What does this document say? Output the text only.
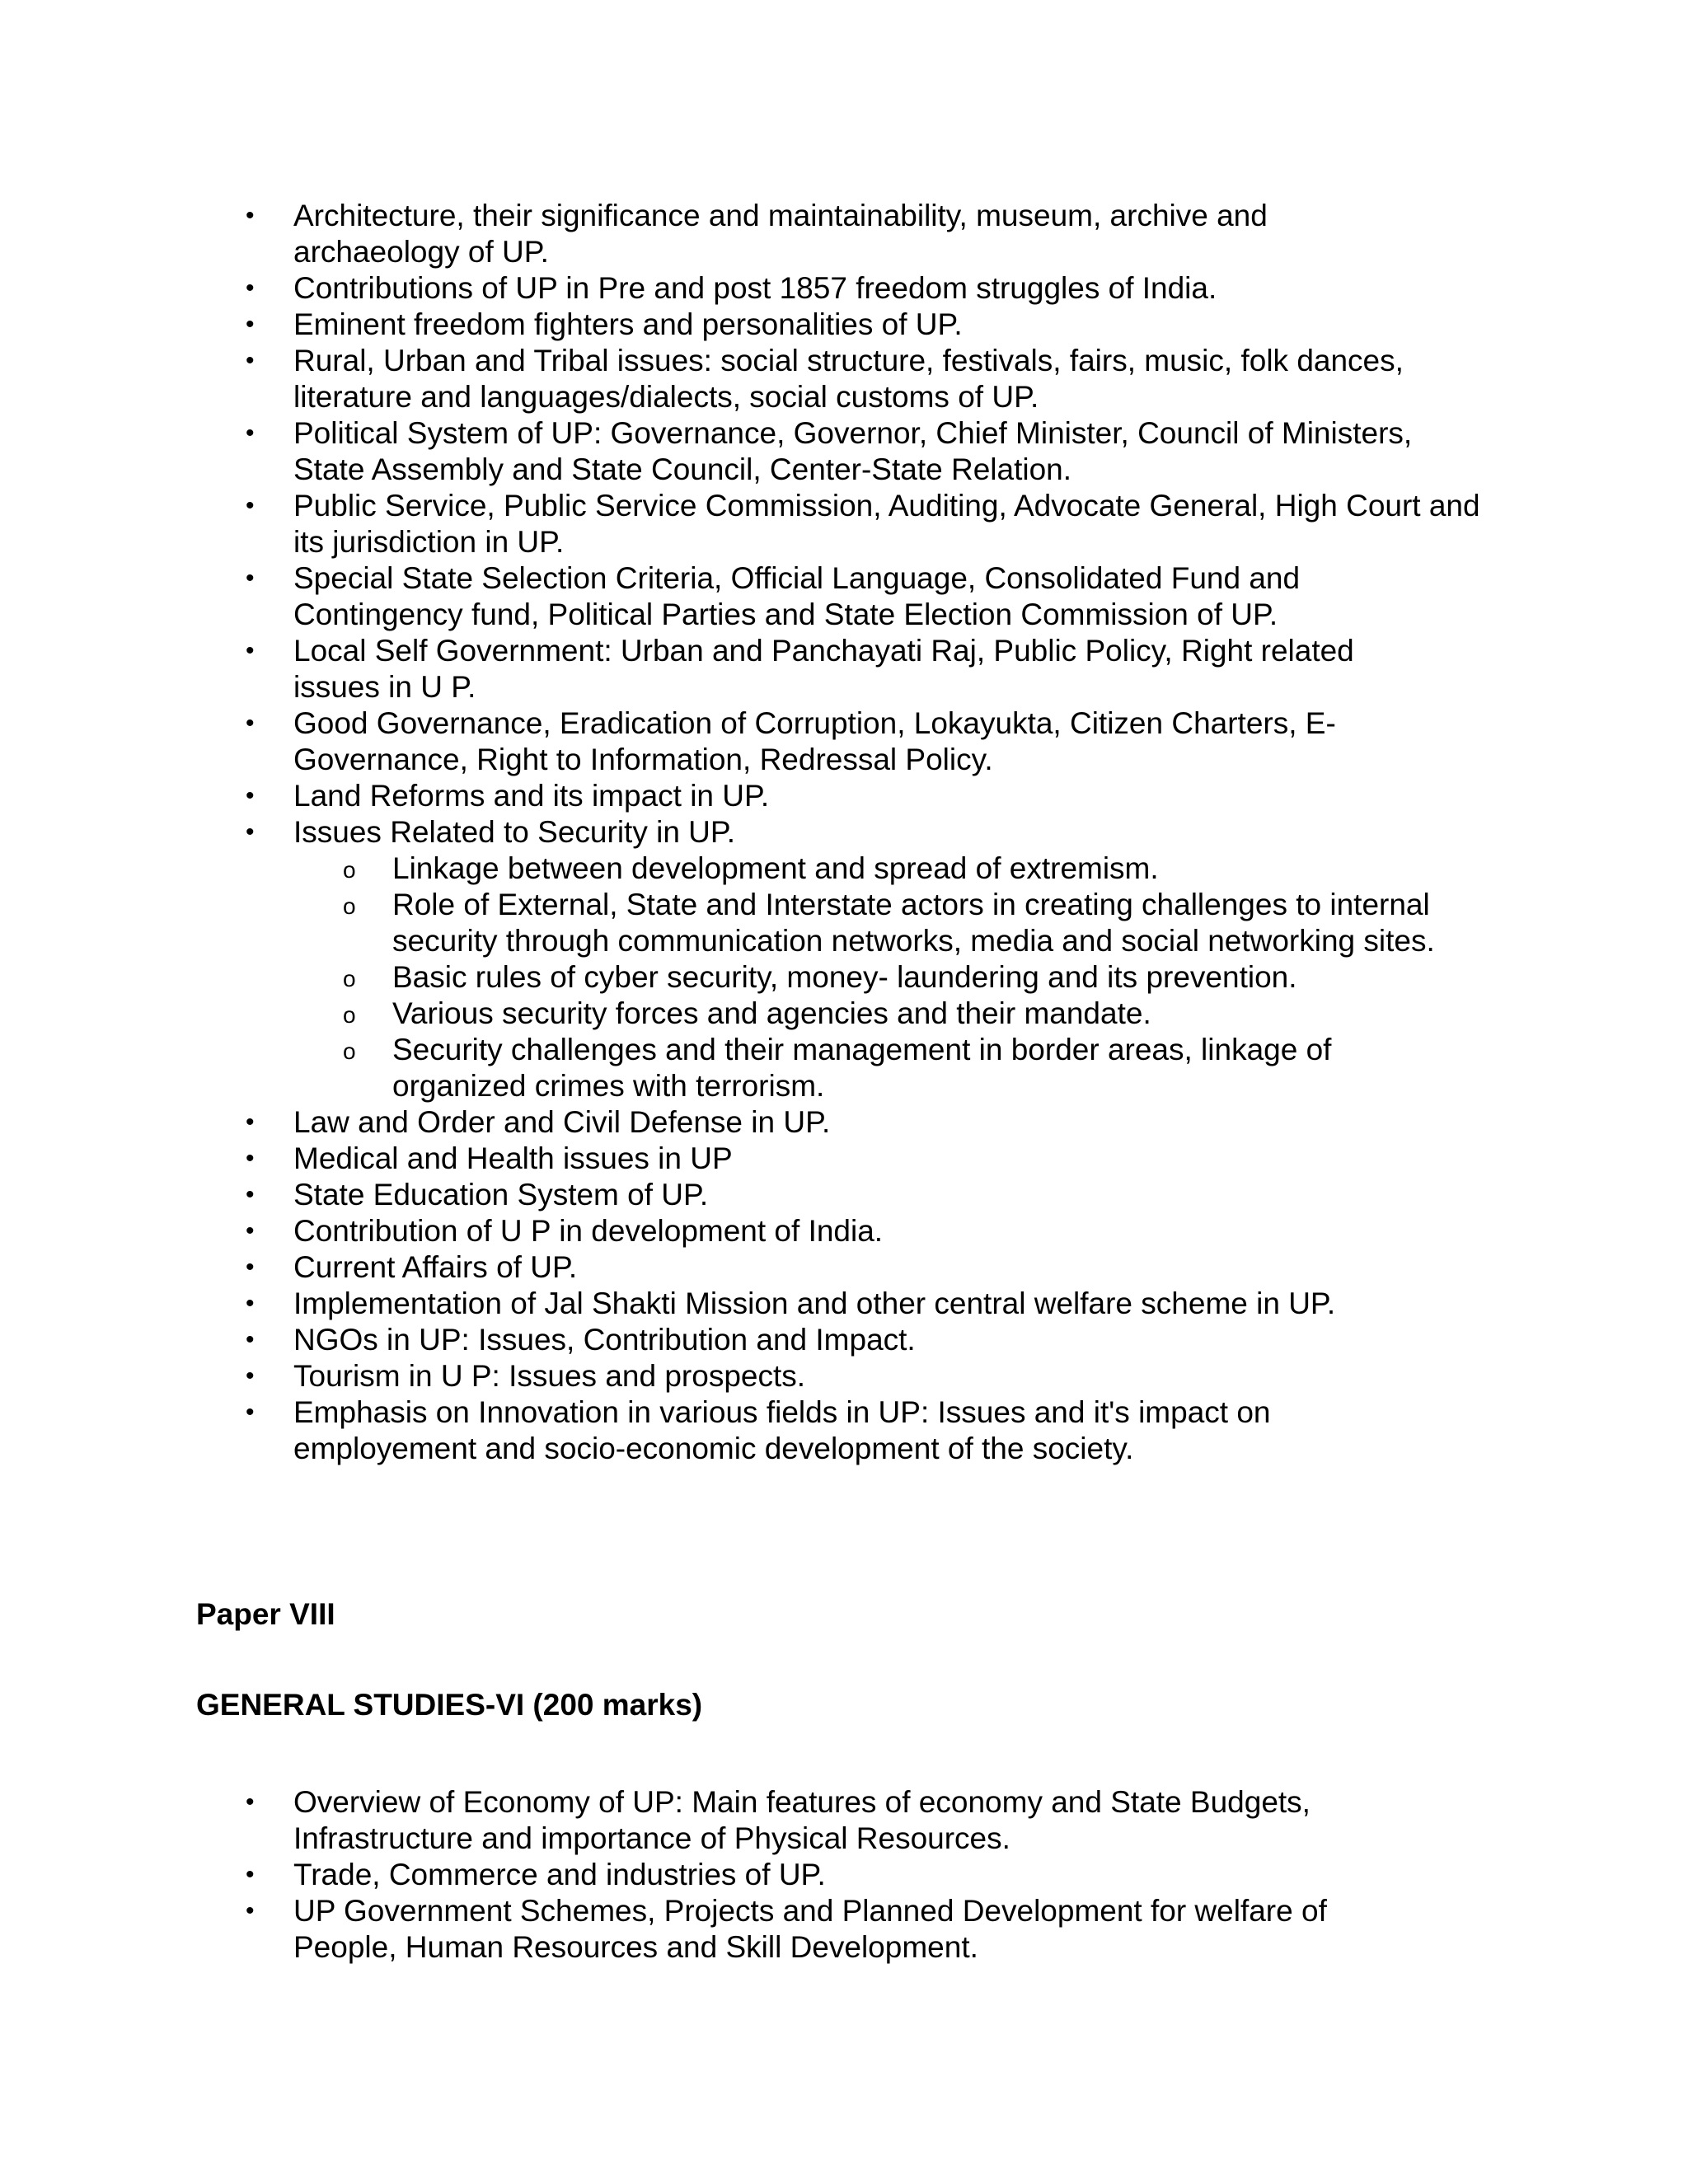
• Architecture, their significance and maintainability, museum, archive and archaeology of UP.
• Contributions of UP in Pre and post 1857 freedom struggles of India.
• Eminent freedom fighters and personalities of UP.
• Rural, Urban and Tribal issues: social structure, festivals, fairs, music, folk dances, literature and languages/dialects, social customs of UP.
• Political System of UP: Governance, Governor, Chief Minister, Council of Ministers, State Assembly and State Council, Center-State Relation.
• Public Service, Public Service Commission, Auditing, Advocate General, High Court and its jurisdiction in UP.
• Special State Selection Criteria, Official Language, Consolidated Fund and Contingency fund, Political Parties and State Election Commission of UP.
• Local Self Government: Urban and Panchayati Raj, Public Policy, Right related issues in U P.
• Good Governance, Eradication of Corruption, Lokayukta, Citizen Charters, E-Governance, Right to Information, Redressal Policy.
• Land Reforms and its impact in UP.
• Issues Related to Security in UP.
o Linkage between development and spread of extremism.
o Role of External, State and Interstate actors in creating challenges to internal security through communication networks, media and social networking sites.
o Basic rules of cyber security, money- laundering and its prevention.
o Various security forces and agencies and their mandate.
o Security challenges and their management in border areas, linkage of organized crimes with terrorism.
• Law and Order and Civil Defense in UP.
• Medical and Health issues in UP
• State Education System of UP.
• Contribution of U P in development of India.
• Current Affairs of UP.
• Implementation of Jal Shakti Mission and other central welfare scheme in UP.
• NGOs in UP: Issues, Contribution and Impact.
• Tourism in U P: Issues and prospects.
• Emphasis on Innovation in various fields in UP: Issues and it's impact on employement and socio-economic development of the society.

Paper VIII

GENERAL STUDIES-VI (200 marks)

• Overview of Economy of UP: Main features of economy and State Budgets, Infrastructure and importance of Physical Resources.
• Trade, Commerce and industries of UP.
• UP Government Schemes, Projects and Planned Development for welfare of People, Human Resources and Skill Development.
